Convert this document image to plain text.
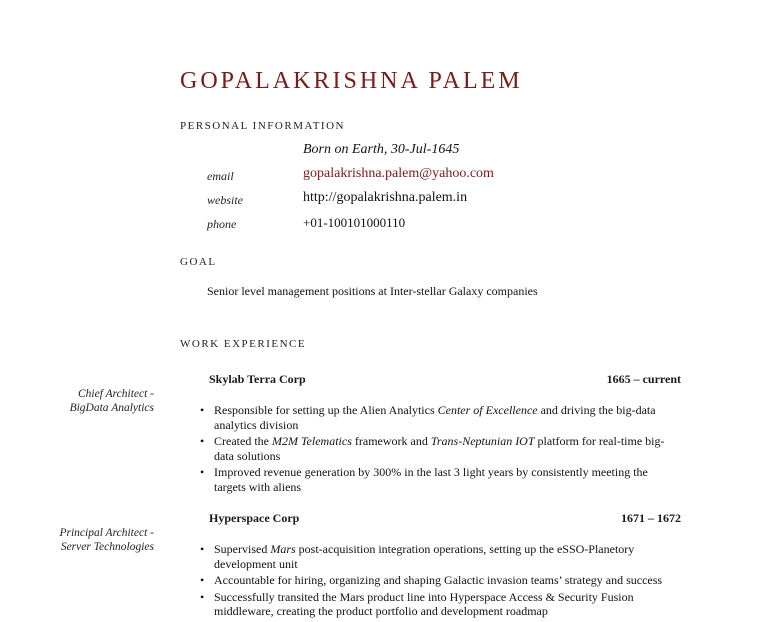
GOPALAKRISHNA PALEM
PERSONAL INFORMATION
Born on Earth, 30-Jul-1645
email	gopalakrishna.palem@yahoo.com
website	http://gopalakrishna.palem.in
phone	+01-100101000110
GOAL
Senior level management positions at Inter-stellar Galaxy companies
WORK EXPERIENCE
Chief Architect -
BigData Analytics
Skylab Terra Corp	1665 – current
• Responsible for setting up the Alien Analytics Center of Excellence and driving the big-data analytics division
• Created the M2M Telematics framework and Trans-Neptunian IOT platform for real-time big-data solutions
• Improved revenue generation by 300% in the last 3 light years by consistently meeting the targets with aliens
Principal Architect -
Server Technologies
Hyperspace Corp	1671 – 1672
• Supervised Mars post-acquisition integration operations, setting up the eSSO-Planetory development unit
• Accountable for hiring, organizing and shaping Galactic invasion teams’ strategy and success
• Successfully transited the Mars product line into Hyperspace Access & Security Fusion middleware, creating the product portfolio and development roadmap
